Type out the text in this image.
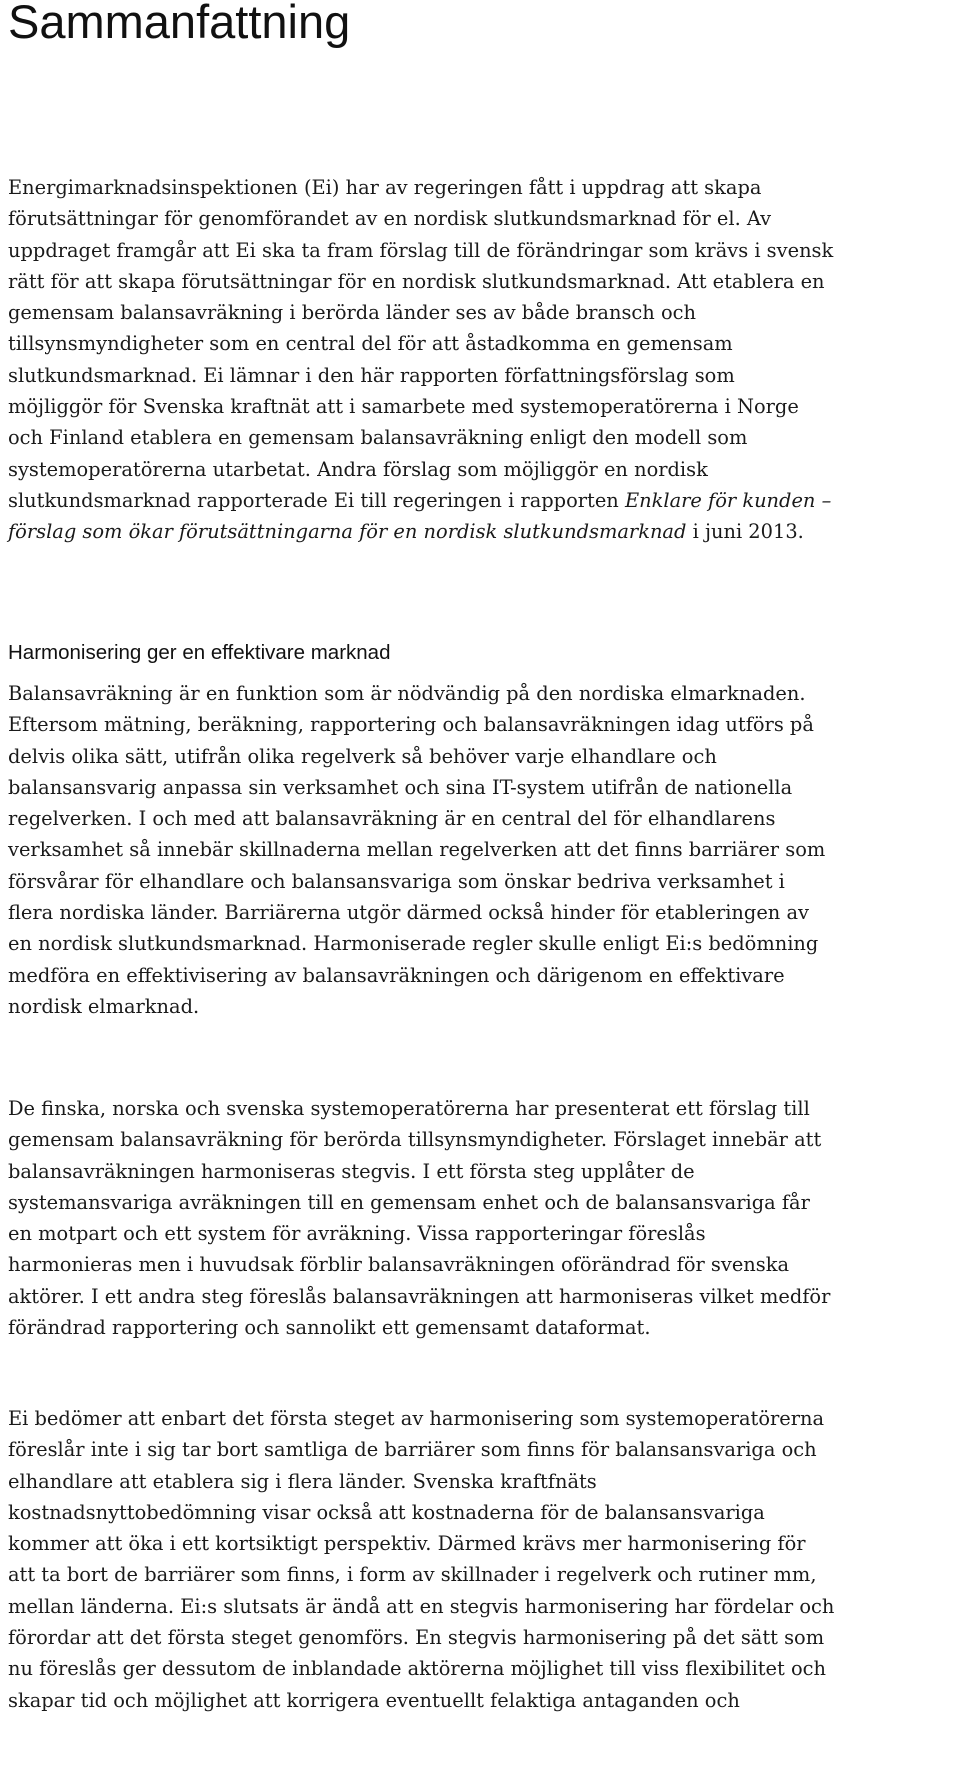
Sammanfattning
Energimarknadsinspektionen (Ei) har av regeringen fått i uppdrag att skapa
förutsättningar för genomförandet av en nordisk slutkundsmarknad för el. Av
uppdraget framgår att Ei ska ta fram förslag till de förändringar som krävs i svensk
rätt för att skapa förutsättningar för en nordisk slutkundsmarknad. Att etablera en
gemensam balansavräkning i berörda länder ses av både bransch och
tillsynsmyndigheter som en central del för att åstadkomma en gemensam
slutkundsmarknad. Ei lämnar i den här rapporten författningsförslag som
möjliggör för Svenska kraftnät att i samarbete med systemoperatörerna i Norge
och Finland etablera en gemensam balansavräkning enligt den modell som
systemoperatörerna utarbetat. Andra förslag som möjliggör en nordisk
slutkundsmarknad rapporterade Ei till regeringen i rapporten Enklare för kunden –
förslag som ökar förutsättningarna för en nordisk slutkundsmarknad i juni 2013.
Harmonisering ger en effektivare marknad
Balansavräkning är en funktion som är nödvändig på den nordiska elmarknaden.
Eftersom mätning, beräkning, rapportering och balansavräkningen idag utförs på
delvis olika sätt, utifrån olika regelverk så behöver varje elhandlare och
balansansvarig anpassa sin verksamhet och sina IT-system utifrån de nationella
regelverken. I och med att balansavräkning är en central del för elhandlarens
verksamhet så innebär skillnaderna mellan regelverken att det finns barriärer som
försvårar för elhandlare och balansansvariga som önskar bedriva verksamhet i
flera nordiska länder. Barriärerna utgör därmed också hinder för etableringen av
en nordisk slutkundsmarknad. Harmoniserade regler skulle enligt Ei:s bedömning
medföra en effektivisering av balansavräkningen och därigenom en effektivare
nordisk elmarknad.
De finska, norska och svenska systemoperatörerna har presenterat ett förslag till
gemensam balansavräkning för berörda tillsynsmyndigheter. Förslaget innebär att
balansavräkningen harmoniseras stegvis. I ett första steg upplåter de
systemansvariga avräkningen till en gemensam enhet och de balansansvariga får
en motpart och ett system för avräkning. Vissa rapporteringar föreslås
harmonieras men i huvudsak förblir balansavräkningen oförändrad för svenska
aktörer. I ett andra steg föreslås balansavräkningen att harmoniseras vilket medför
förändrad rapportering och sannolikt ett gemensamt dataformat.
Ei bedömer att enbart det första steget av harmonisering som systemoperatörerna
föreslår inte i sig tar bort samtliga de barriärer som finns för balansansvariga och
elhandlare att etablera sig i flera länder. Svenska kraftfnäts
kostnadsnyttobedömning visar också att kostnaderna för de balansansvariga
kommer att öka i ett kortsiktigt perspektiv. Därmed krävs mer harmonisering för
att ta bort de barriärer som finns, i form av skillnader i regelverk och rutiner mm,
mellan länderna. Ei:s slutsats är ändå att en stegvis harmonisering har fördelar och
förordar att det första steget genomförs. En stegvis harmonisering på det sätt som
nu föreslås ger dessutom de inblandade aktörerna möjlighet till viss flexibilitet och
skapar tid och möjlighet att korrigera eventuellt felaktiga antaganden och
